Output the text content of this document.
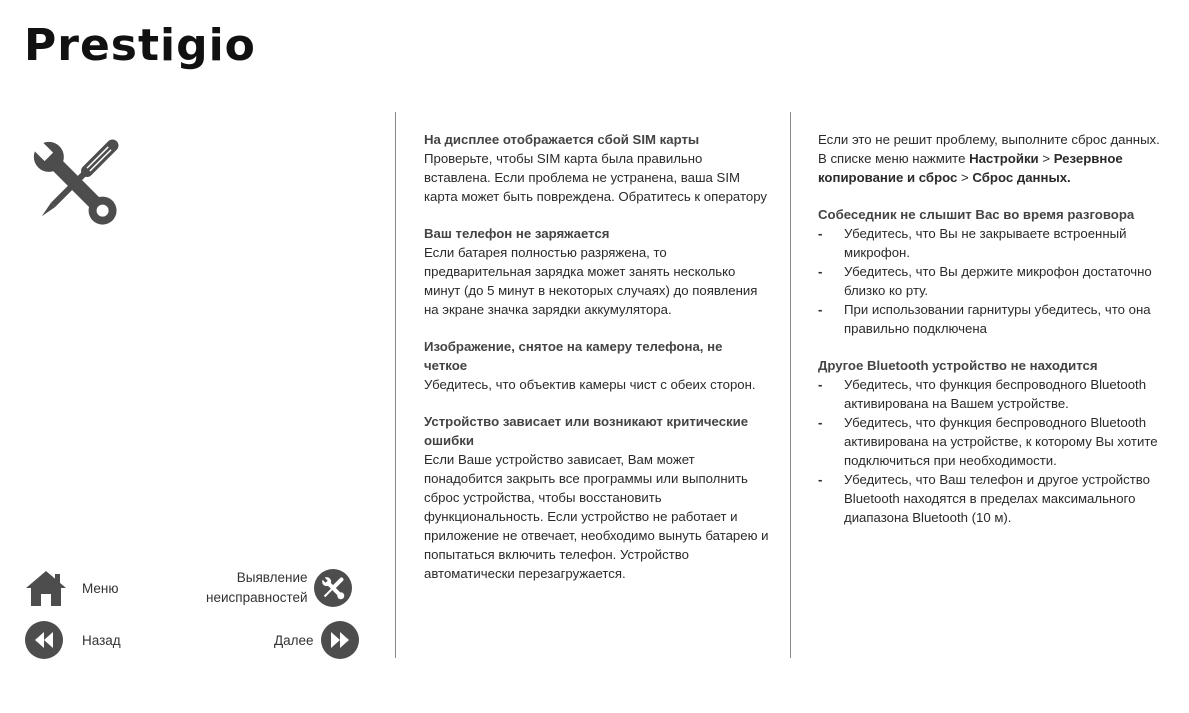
Prestigio
На дисплее отображается сбой SIM карты
Проверьте, чтобы SIM карта была правильно вставлена. Если проблема не устранена, ваша SIM карта может быть повреждена. Обратитесь к оператору
Ваш телефон не заряжается
Если батарея полностью разряжена, то предварительная зарядка может занять несколько минут (до 5 минут в некоторых случаях) до появления на экране значка зарядки аккумулятора.
Изображение, снятое на камеру телефона, не четкое
Убедитесь, что объектив камеры чист с обеих сторон.
Устройство зависает или возникают критические ошибки
Если Ваше устройство зависает, Вам может понадобится закрыть все программы или выполнить сброс устройства, чтобы восстановить функциональность. Если устройство не работает и приложение не отвечает, необходимо вынуть батарею и попытаться включить телефон. Устройство автоматически перезагружается.
Если это не решит проблему, выполните сброс данных. В списке меню нажмите Настройки > Резервное копирование и сброс > Сброс данных.
Собеседник не слышит Вас во время разговора
- Убедитесь, что Вы не закрываете встроенный микрофон.
- Убедитесь, что Вы держите микрофон достаточно близко ко рту.
- При использовании гарнитуры убедитесь, что она правильно подключена
Другое Bluetooth устройство не находится
- Убедитесь, что функция беспроводного Bluetooth активирована на Вашем устройстве.
- Убедитесь, что функция беспроводного Bluetooth активирована на устройстве, к которому Вы хотите подключиться при необходимости.
- Убедитесь, что Ваш телефон и другое устройство Bluetooth находятся в пределах максимального диапазона Bluetooth (10 м).
Меню
Назад
Выявление
неисправностей
Далее
